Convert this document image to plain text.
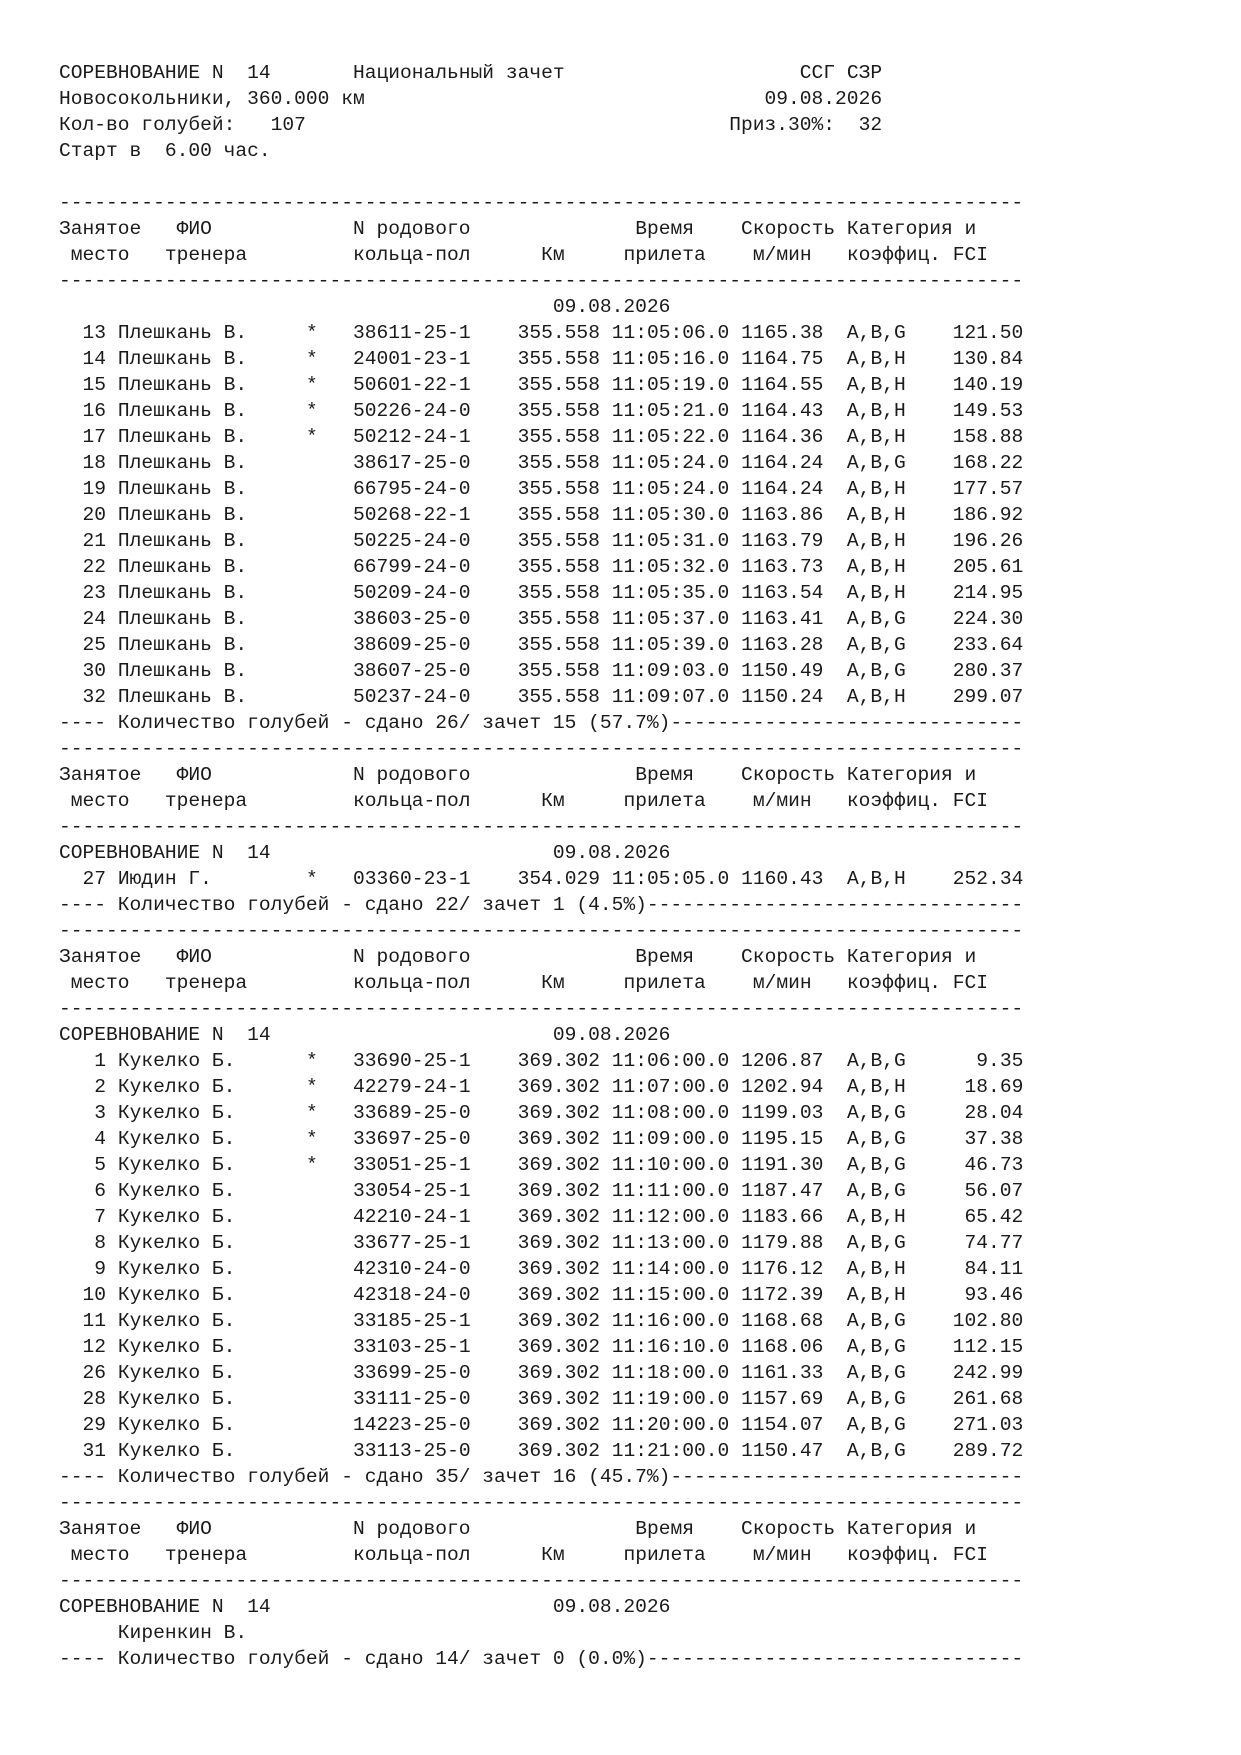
СОРЕВНОВАНИЕ N  14	Национальный зачет	ССГ СЗР
Новосокольники, 360.000 км	09.08.2026
Кол-во голубей: 107	Приз.30%: 32
Старт в 6.00 час.
----------------------------------------------------------------------------------
Занятое ФИО	N родового	Время Скорость Категория и
место тренера	кольца-пол	Км	прилета м/мин коэффиц. FCI
----------------------------------------------------------------------------------
09.08.2026
13 Плешкань В.	* 38611-25-1 355.558 11:05:06.0 1165.38 A,B,G 121.50
14 Плешкань В.	* 24001-23-1 355.558 11:05:16.0 1164.75 A,B,H 130.84
15 Плешкань В.	* 50601-22-1 355.558 11:05:19.0 1164.55 A,B,H 140.19
16 Плешкань В.	* 50226-24-0 355.558 11:05:21.0 1164.43 A,B,H 149.53
17 Плешкань В.	* 50212-24-1 355.558 11:05:22.0 1164.36 A,B,H 158.88
18 Плешкань В.	38617-25-0 355.558 11:05:24.0 1164.24 A,B,G 168.22
19 Плешкань В.	66795-24-0 355.558 11:05:24.0 1164.24 A,B,H 177.57
20 Плешкань В.	50268-22-1 355.558 11:05:30.0 1163.86 A,B,H 186.92
21 Плешкань В.	50225-24-0 355.558 11:05:31.0 1163.79 A,B,H 196.26
22 Плешкань В.	66799-24-0 355.558 11:05:32.0 1163.73 A,B,H 205.61
23 Плешкань В.	50209-24-0 355.558 11:05:35.0 1163.54 A,B,H 214.95
24 Плешкань В.	38603-25-0 355.558 11:05:37.0 1163.41 A,B,G 224.30
25 Плешкань В.	38609-25-0 355.558 11:05:39.0 1163.28 A,B,G 233.64
30 Плешкань В.	38607-25-0 355.558 11:09:03.0 1150.49 A,B,G 280.37
32 Плешкань В.	50237-24-0 355.558 11:09:07.0 1150.24 A,B,H 299.07
---- Количество голубей - сдано 26/ зачет 15 (57.7%)------------------------------
----------------------------------------------------------------------------------
Занятое ФИО	N родового	Время Скорость Категория и
место тренера	кольца-пол	Км	прилета м/мин коэффиц. FCI
----------------------------------------------------------------------------------
СОРЕВНОВАНИЕ N  14	09.08.2026
27 Июдин Г.	* 03360-23-1 354.029 11:05:05.0 1160.43 A,B,H 252.34
---- Количество голубей - сдано 22/ зачет 1 (4.5%)--------------------------------
----------------------------------------------------------------------------------
Занятое ФИО	N родового	Время Скорость Категория и
место тренера	кольца-пол	Км	прилета м/мин коэффиц. FCI
----------------------------------------------------------------------------------
СОРЕВНОВАНИЕ N  14	09.08.2026
1 Кукелко Б.	* 33690-25-1 369.302 11:06:00.0 1206.87 A,B,G      9.35
2 Кукелко Б.	* 42279-24-1 369.302 11:07:00.0 1202.94 A,B,H     18.69
3 Кукелко Б.	* 33689-25-0 369.302 11:08:00.0 1199.03 A,B,G     28.04
4 Кукелко Б.	* 33697-25-0 369.302 11:09:00.0 1195.15 A,B,G     37.38
5 Кукелко Б.	* 33051-25-1 369.302 11:10:00.0 1191.30 A,B,G     46.73
6 Кукелко Б.	33054-25-1 369.302 11:11:00.0 1187.47 A,B,G     56.07
7 Кукелко Б.	42210-24-1 369.302 11:12:00.0 1183.66 A,B,H     65.42
8 Кукелко Б.	33677-25-1 369.302 11:13:00.0 1179.88 A,B,G     74.77
9 Кукелко Б.	42310-24-0 369.302 11:14:00.0 1176.12 A,B,H     84.11
10 Кукелко Б.	42318-24-0 369.302 11:15:00.0 1172.39 A,B,H     93.46
11 Кукелко Б.	33185-25-1 369.302 11:16:00.0 1168.68 A,B,G 102.80
12 Кукелко Б.	33103-25-1 369.302 11:16:10.0 1168.06 A,B,G 112.15
26 Кукелко Б.	33699-25-0 369.302 11:18:00.0 1161.33 A,B,G 242.99
28 Кукелко Б.	33111-25-0 369.302 11:19:00.0 1157.69 A,B,G 261.68
29 Кукелко Б.	14223-25-0 369.302 11:20:00.0 1154.07 A,B,G 271.03
31 Кукелко Б.	33113-25-0 369.302 11:21:00.0 1150.47 A,B,G 289.72
---- Количество голубей - сдано 35/ зачет 16 (45.7%)------------------------------
----------------------------------------------------------------------------------
Занятое ФИО	N родового	Время Скорость Категория и
место тренера	кольца-пол	Км	прилета м/мин коэффиц. FCI
----------------------------------------------------------------------------------
СОРЕВНОВАНИЕ N  14	09.08.2026
Киренкин В.
---- Количество голубей - сдано 14/ зачет 0 (0.0%)--------------------------------
